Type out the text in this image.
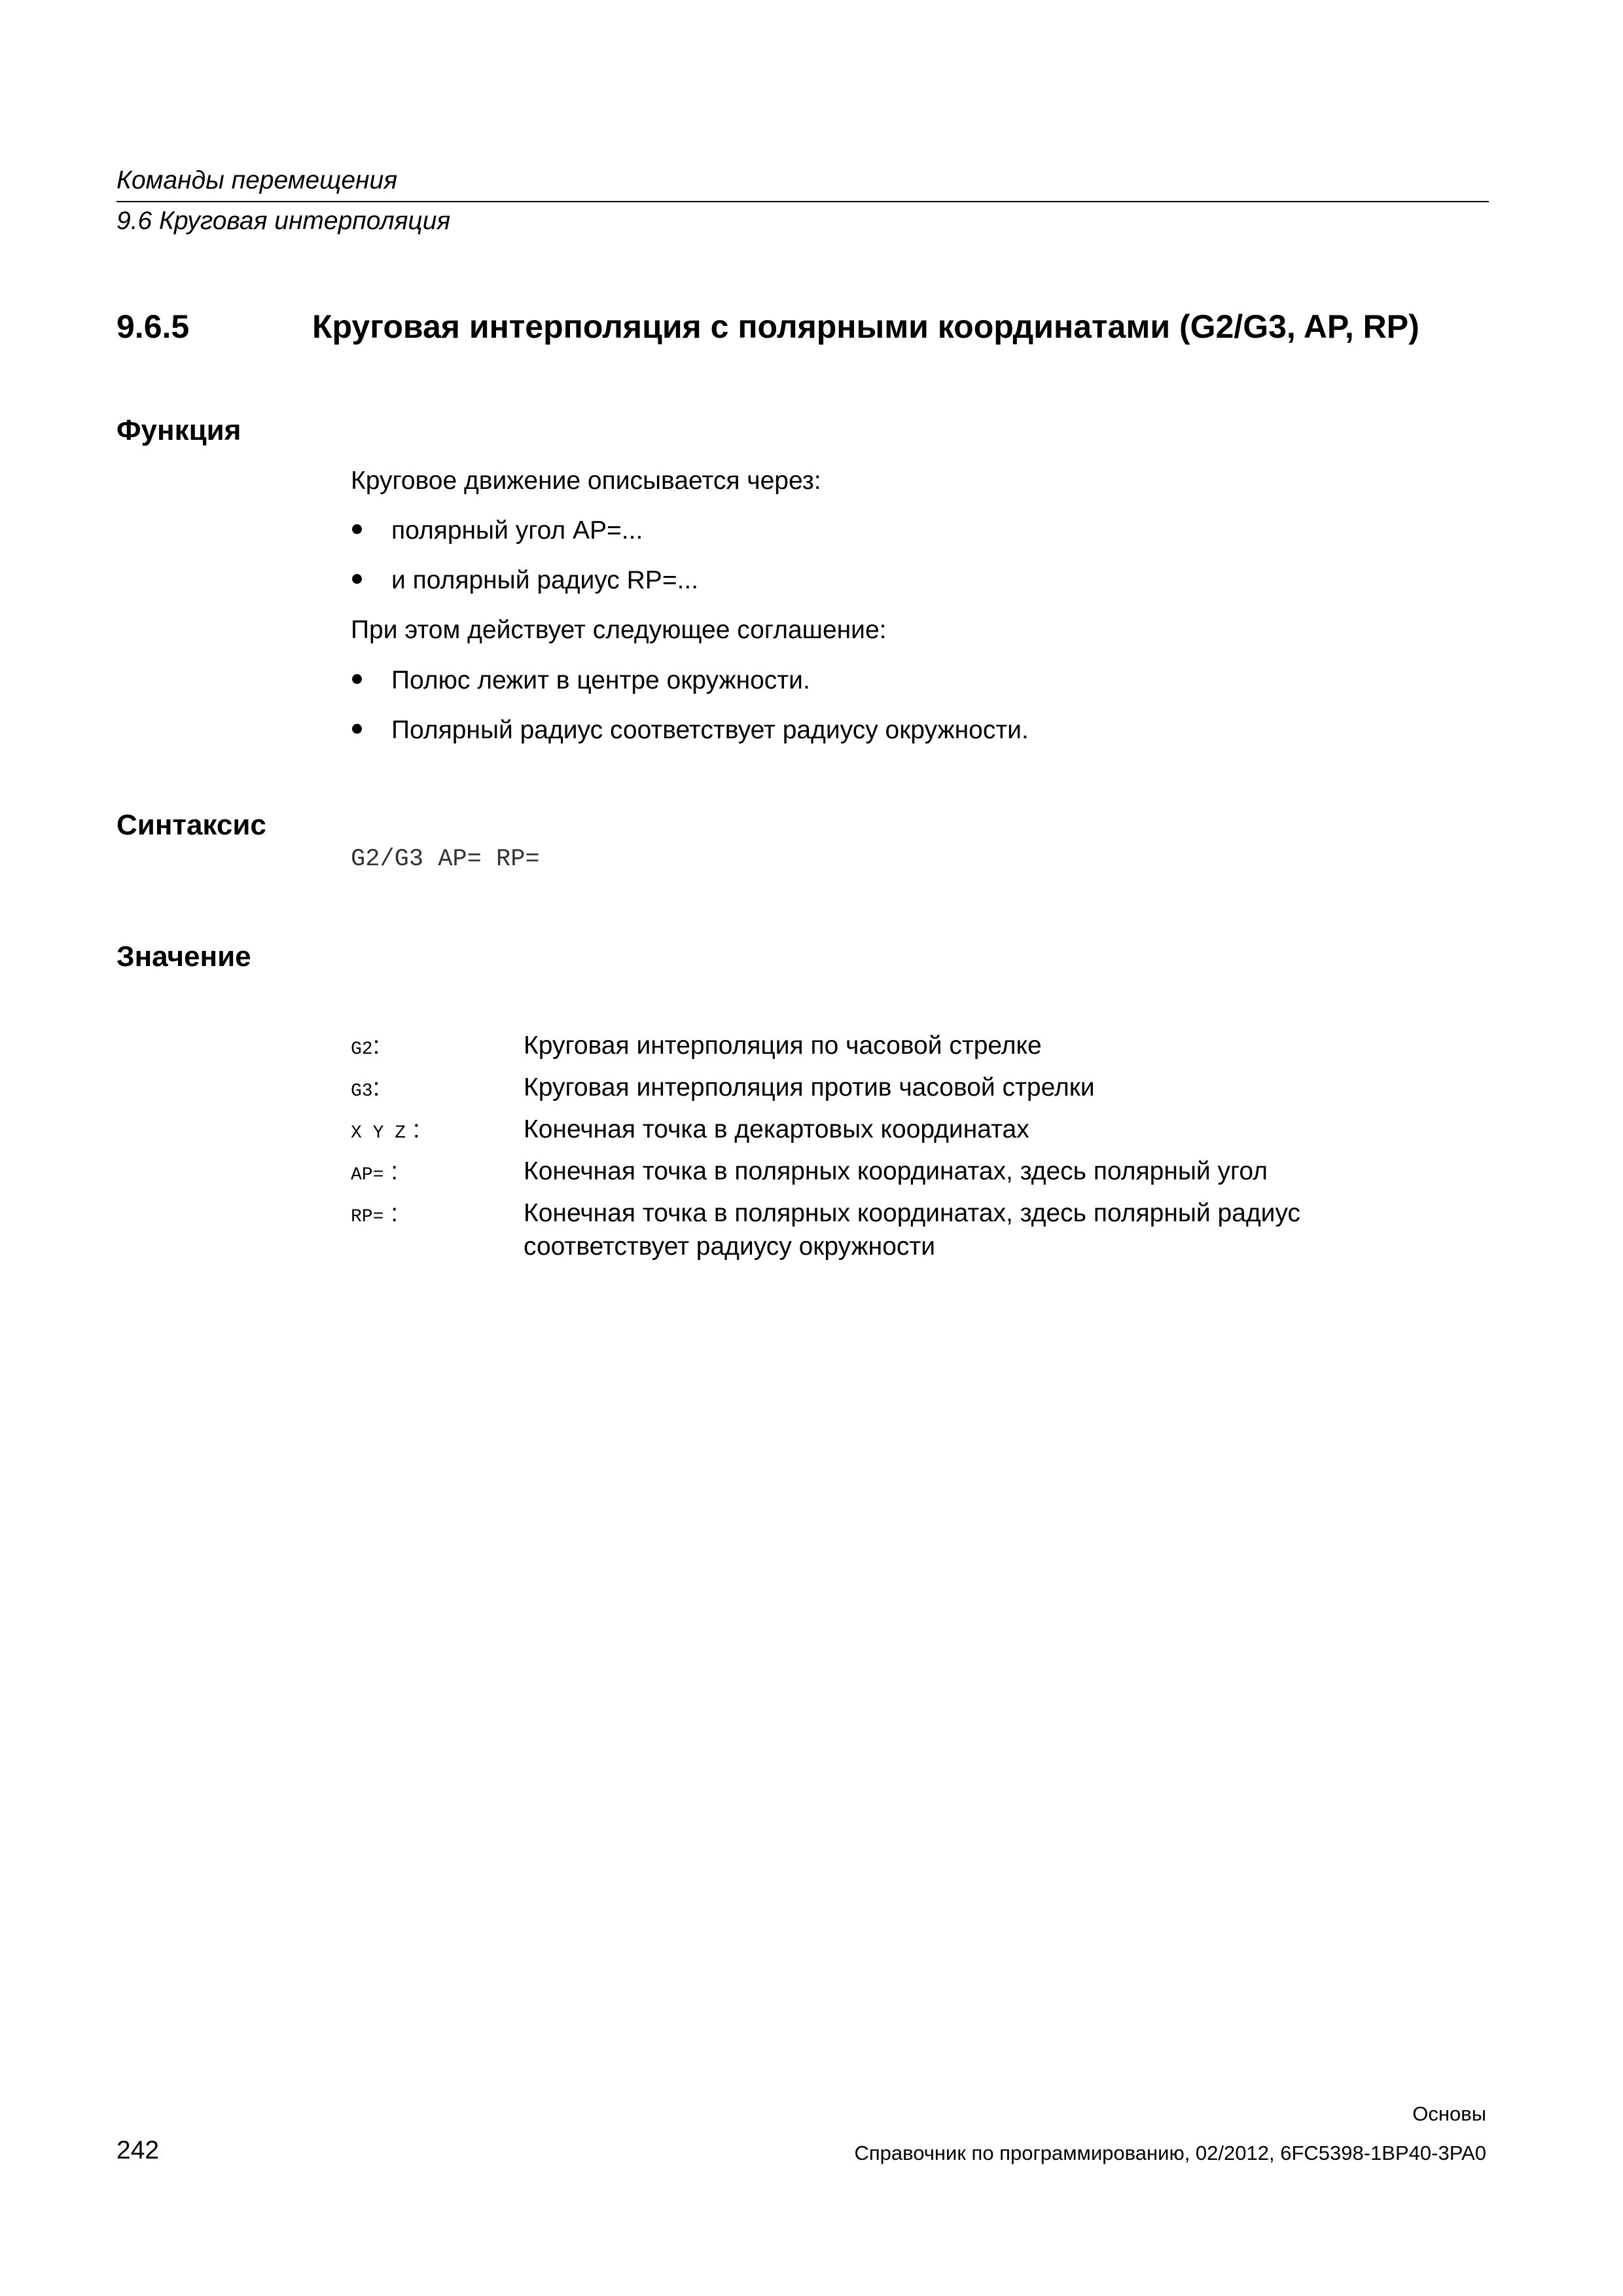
Команды перемещения
9.6 Круговая интерполяция
9.6.5	Круговая интерполяция с полярными координатами (G2/G3, AP, RP)
Функция
Круговое движение описывается через:
полярный угол AP=...
и полярный радиус RP=...
При этом действует следующее соглашение:
Полюс лежит в центре окружности.
Полярный радиус соответствует радиусу окружности.
Синтаксис
G2/G3 AP= RP=
Значение
G2:	Круговая интерполяция по часовой стрелке
G3:	Круговая интерполяция против часовой стрелки
X Y Z :	Конечная точка в декартовых координатах
AP= :	Конечная точка в полярных координатах, здесь полярный угол
RP= :	Конечная точка в полярных координатах, здесь полярный радиус
соответствует радиусу окружности
Основы
242	Справочник по программированию, 02/2012, 6FC5398-1BP40-3PA0
